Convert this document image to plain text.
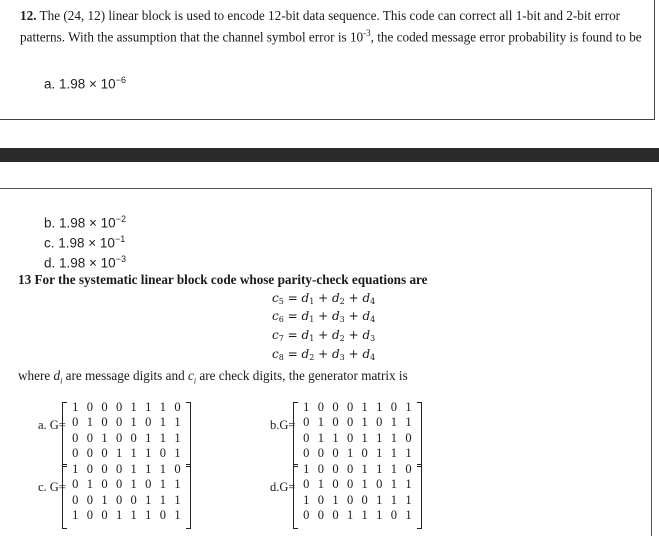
12. The (24, 12) linear block is used to encode 12-bit data sequence. This code can correct all 1-bit and 2-bit error patterns. With the assumption that the channel symbol error is $10^{-3}$, the coded message error probability is found to be
a. $1.98 \times 10^{-6}$
b. $1.98 \times 10^{-2}$
c. $1.98 \times 10^{-1}$
d. $1.98 \times 10^{-3}$
13 For the systematic linear block code whose parity-check equations are
$c_5 = d_1 + d_2 + d_4$
$c_6 = d_1 + d_3 + d_4$
$c_7 = d_1 + d_2 + d_3$
$c_8 = d_2 + d_3 + d_4$
where $d_i$ are message digits and $c_i$ are check digits, the generator matrix is
a. G=
1 0 0 0 1 1 1 0
0 1 0 0 1 0 1 1
0 0 1 0 0 1 1 1
0 0 0 1 1 1 0 1
b.G=
1 0 0 0 1 1 0 1
0 1 0 0 1 0 1 1
0 1 1 0 1 1 1 0
0 0 0 1 0 1 1 1
c. G=
1 0 0 0 1 1 1 0
0 1 0 0 1 0 1 1
0 0 1 0 0 1 1 1
1 0 0 1 1 1 0 1
d.G=
1 0 0 0 1 1 1 0
0 1 0 0 1 0 1 1
1 0 1 0 0 1 1 1
0 0 0 1 1 1 0 1
